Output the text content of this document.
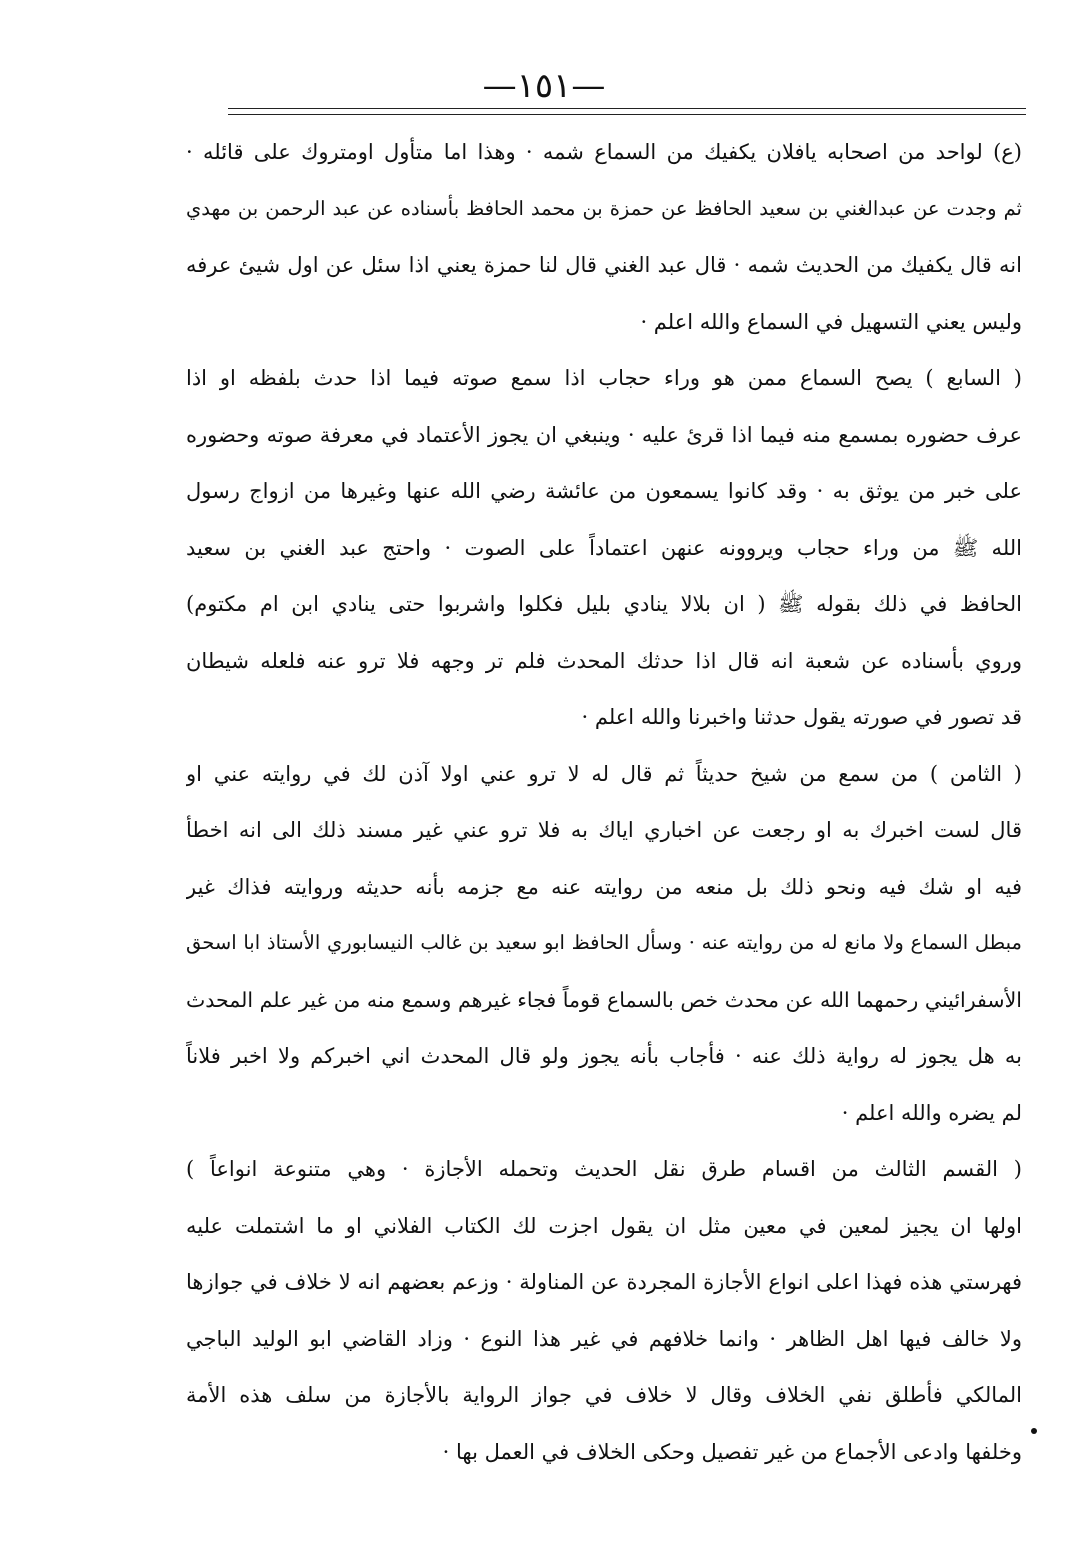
—١٥١—
(ع) لواحد من اصحابه يافلان يكفيك من السماع شمه · وهذا اما متأول اومتروك على قائله ·
ثم وجدت عن عبدالغني بن سعيد الحافظ عن حمزة بن محمد الحافظ بأسناده عن عبد الرحمن بن مهدي
انه قال يكفيك من الحديث شمه · قال عبد الغني قال لنا حمزة يعني اذا سئل عن اول شيئ عرفه
وليس يعني التسهيل في السماع والله اعلم ·
( السابع ) يصح السماع ممن هو وراء حجاب اذا سمع صوته فيما اذا حدث بلفظه او اذا
عرف حضوره بمسمع منه فيما اذا قرئ عليه · وينبغي ان يجوز الأعتماد في معرفة صوته وحضوره
على خبر من يوثق به · وقد كانوا يسمعون من عائشة رضي الله عنها وغيرها من ازواج رسول
الله ﷺ من وراء حجاب ويروونه عنهن اعتماداً على الصوت · واحتج عبد الغني بن سعيد
الحافظ في ذلك بقوله ﷺ ( ان بلالا ينادي بليل فكلوا واشربوا حتى ينادي ابن ام مكتوم)
وروي بأسناده عن شعبة انه قال اذا حدثك المحدث فلم تر وجهه فلا ترو عنه فلعله شيطان
قد تصور في صورته يقول حدثنا واخبرنا والله اعلم ·
( الثامن ) من سمع من شيخ حديثاً ثم قال له لا ترو عني اولا آذن لك في روايته عني او
قال لست اخبرك به او رجعت عن اخباري اياك به فلا ترو عني غير مسند ذلك الى انه اخطأ
فيه او شك فيه ونحو ذلك بل منعه من روايته عنه مع جزمه بأنه حديثه وروايته فذاك غير
مبطل السماع ولا مانع له من روايته عنه · وسأل الحافظ ابو سعيد بن غالب النيسابوري الأستاذ ابا اسحق
الأسفرائيني رحمهما الله عن محدث خص بالسماع قوماً فجاء غيرهم وسمع منه من غير علم المحدث
به هل يجوز له رواية ذلك عنه · فأجاب بأنه يجوز ولو قال المحدث اني اخبركم ولا اخبر فلاناً
لم يضره والله اعلم ·
( القسم الثالث من اقسام طرق نقل الحديث وتحمله الأجازة · وهي متنوعة انواعاً )
اولها ان يجيز لمعين في معين مثل ان يقول اجزت لك الكتاب الفلاني او ما اشتملت عليه
فهرستي هذه فهذا اعلى انواع الأجازة المجردة عن المناولة · وزعم بعضهم انه لا خلاف في جوازها
ولا خالف فيها اهل الظاهر · وانما خلافهم في غير هذا النوع · وزاد القاضي ابو الوليد الباجي
المالكي فأطلق نفي الخلاف وقال لا خلاف في جواز الرواية بالأجازة من سلف هذه الأمة
وخلفها وادعى الأجماع من غير تفصيل وحكى الخلاف في العمل بها ·
